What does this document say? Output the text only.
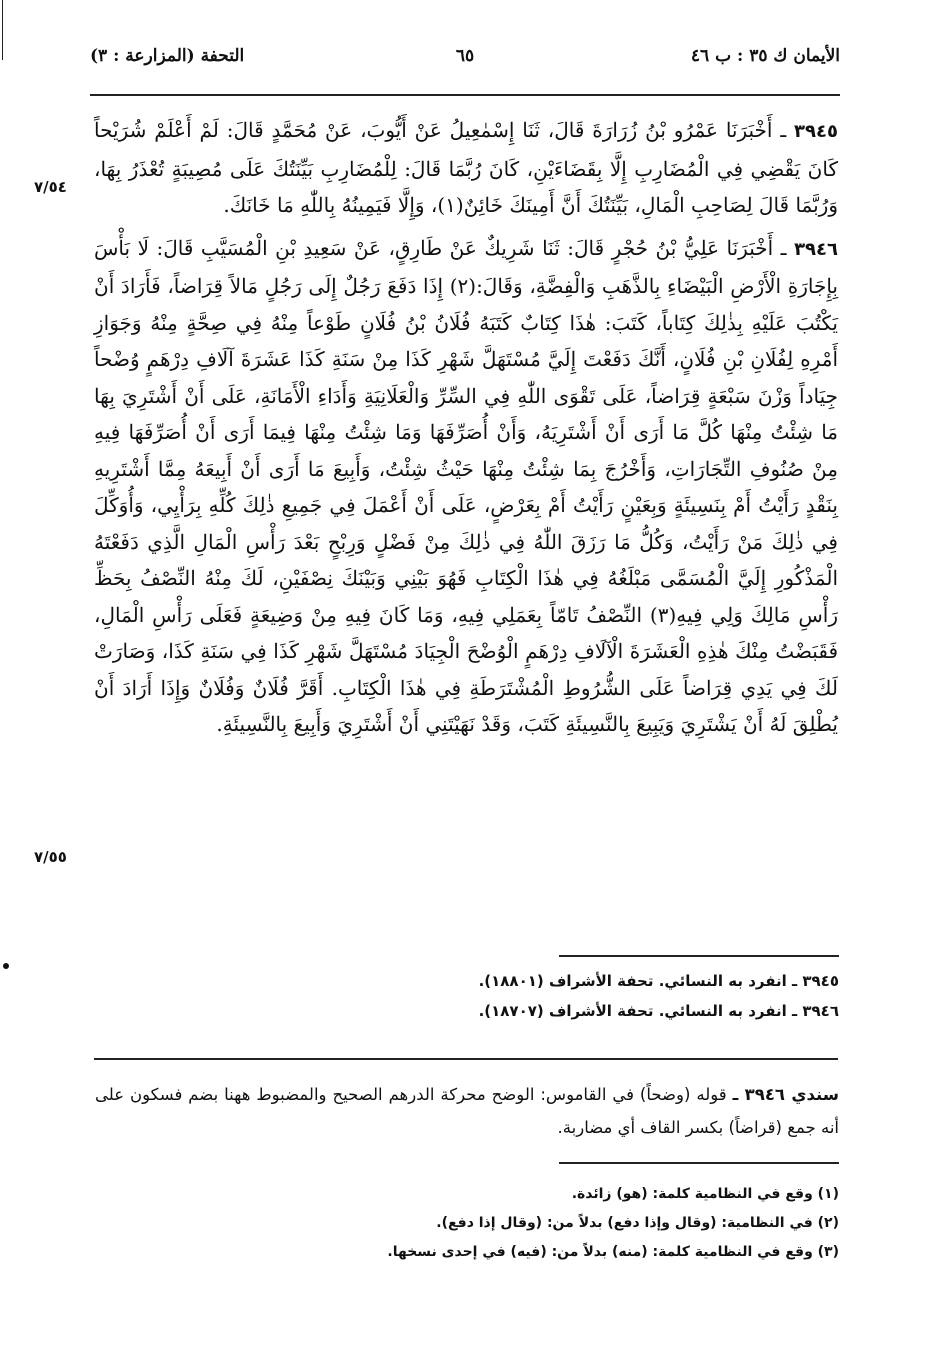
الأيمان ك ٣٥ : ب ٤٦
٦٥
التحفة (المزارعة : ٣)
٧/٥٤
٧/٥٥

٣٩٤٥ ـ أَخْبَرَنَا عَمْرُو بْنُ زُرَارَةَ قَالَ، ثَنَا إِسْمٰعِيلُ عَنْ أَيُّوبَ، عَنْ مُحَمَّدٍ قَالَ: لَمْ أَعْلَمْ شُرَيْحاً كَانَ يَقْضِي فِي الْمُضَارِبِ إِلَّا بِقَضَاءَيْنِ، كَانَ رُبَّمَا قَالَ: لِلْمُضَارِبِ بَيِّنَتُكَ عَلَى مُصِيبَةٍ تُعْذَرُ بِهَا، وَرُبَّمَا قَالَ لِصَاحِبِ الْمَالِ، بَيِّنَتُكَ أَنَّ أَمِينَكَ خَائِنٌ(١)، وَإِلَّا فَيَمِينُهُ بِاللّٰهِ مَا خَانَكَ.

٣٩٤٦ ـ أَخْبَرَنَا عَلِيُّ بْنُ حُجْرٍ قَالَ: ثَنَا شَرِيكٌ عَنْ طَارِقٍ، عَنْ سَعِيدِ بْنِ الْمُسَيَّبِ قَالَ: لَا بَأْسَ بِإِجَارَةِ الْأَرْضِ الْبَيْضَاءِ بِالذَّهَبِ وَالْفِضَّةِ، وَقَالَ:(٢) إِذَا دَفَعَ رَجُلٌ إِلَى رَجُلٍ مَالاً قِرَاضاً، فَأَرَادَ أَنْ يَكْتُبَ عَلَيْهِ بِذٰلِكَ كِتَاباً، كَتَبَ: هٰذَا كِتَابٌ كَتَبَهُ فُلَانُ بْنُ فُلَانٍ طَوْعاً مِنْهُ فِي صِحَّةٍ مِنْهُ وَجَوَازِ أَمْرِهِ لِفُلَانِ بْنِ فُلَانٍ، أَنَّكَ دَفَعْتَ إِلَيَّ مُسْتَهَلَّ شَهْرِ كَذَا مِنْ سَنَةِ كَذَا عَشَرَةَ آلَافِ دِرْهَمٍ وُضْحاً جِيَاداً وَزْنَ سَبْعَةٍ قِرَاضاً، عَلَى تَقْوَى اللّٰهِ فِي السِّرِّ وَالْعَلَانِيَةِ وَأَدَاءِ الْأَمَانَةِ، عَلَى أَنْ أَشْتَرِيَ بِهَا مَا شِئْتُ مِنْهَا كُلَّ مَا أَرَى أَنْ أَشْتَرِيَهُ، وَأَنْ أُصَرِّفَهَا وَمَا شِئْتُ مِنْهَا فِيمَا أَرَى أَنْ أُصَرِّفَهَا فِيهِ مِنْ صُنُوفِ التِّجَارَاتِ، وَأَخْرُجَ بِمَا شِئْتُ مِنْهَا حَيْثُ شِئْتُ، وَأَبِيعَ مَا أَرَى أَنْ أَبِيعَهُ مِمَّا أَشْتَرِيهِ بِنَقْدٍ رَأَيْتُ أَمْ بِنَسِيئَةٍ وَبِعَيْنٍ رَأَيْتُ أَمْ بِعَرْضٍ، عَلَى أَنْ أَعْمَلَ فِي جَمِيعِ ذٰلِكَ كُلِّهِ بِرَأْيِي، وَأُوَكِّلَ فِي ذٰلِكَ مَنْ رَأَيْتُ، وَكُلُّ مَا رَزَقَ اللّٰهُ فِي ذٰلِكَ مِنْ فَضْلٍ وَرِبْحٍ بَعْدَ رَأْسِ الْمَالِ الَّذِي دَفَعْتَهُ الْمَذْكُورِ إِلَيَّ الْمُسَمَّى مَبْلَغُهُ فِي هٰذَا الْكِتَابِ فَهُوَ بَيْنِي وَبَيْنَكَ نِصْفَيْنِ، لَكَ مِنْهُ النِّصْفُ بِحَظِّ رَأْسِ مَالِكَ وَلِي فِيهِ(٣) النِّصْفُ تَامّاً بِعَمَلِي فِيهِ، وَمَا كَانَ فِيهِ مِنْ وَضِيعَةٍ فَعَلَى رَأْسِ الْمَالِ، فَقَبَضْتُ مِنْكَ هٰذِهِ الْعَشَرَةَ الْآلَافِ دِرْهَمٍ الْوُضْحَ الْجِيَادَ مُسْتَهَلَّ شَهْرِ كَذَا فِي سَنَةِ كَذَا، وَصَارَتْ لَكَ فِي يَدِي قِرَاضاً عَلَى الشُّرُوطِ الْمُشْتَرَطَةِ فِي هٰذَا الْكِتَابِ. أَقَرَّ فُلَانٌ وَفُلَانٌ وَإِذَا أَرَادَ أَنْ يُطْلِقَ لَهُ أَنْ يَشْتَرِيَ وَيَبِيعَ بِالنَّسِيئَةِ كَتَبَ، وَقَدْ نَهَيْتَنِي أَنْ أَشْتَرِيَ وَأَبِيعَ بِالنَّسِيئَةِ.

٣٩٤٥ ـ انفرد به النسائي. تحفة الأشراف (١٨٨٠١).
٣٩٤٦ ـ انفرد به النسائي. تحفة الأشراف (١٨٧٠٧).
سندي ٣٩٤٦ ـ قوله (وضحاً) في القاموس: الوضح محركة الدرهم الصحيح والمضبوط ههنا بضم فسكون على أنه جمع (قراضاً) بكسر القاف أي مضاربة.
(١) وقع في النظامية كلمة: (هو) زائدة.
(٢) في النظامية: (وقال وإذا دفع) بدلاً من: (وقال إذا دفع).
(٣) وقع في النظامية كلمة: (منه) بدلاً من: (فيه) في إحدى نسخها.
